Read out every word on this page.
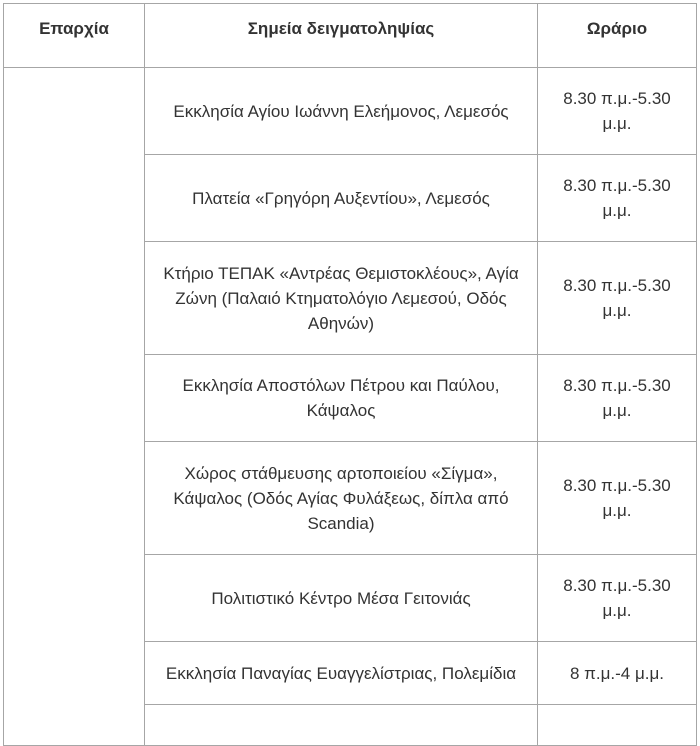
Επαρχία	Σημεία δειγματοληψίας	Ωράριο
	Εκκλησία Αγίου Ιωάννη Ελεήμονος, Λεμεσός	8.30 π.μ.-5.30 μ.μ.
	Πλατεία «Γρηγόρη Αυξεντίου», Λεμεσός	8.30 π.μ.-5.30 μ.μ.
	Κτήριο ΤΕΠΑΚ «Αντρέας Θεμιστοκλέους», Αγία Ζώνη (Παλαιό Κτηματολόγιο Λεμεσού, Οδός Αθηνών)	8.30 π.μ.-5.30 μ.μ.
	Εκκλησία Αποστόλων Πέτρου και Παύλου, Κάψαλος	8.30 π.μ.-5.30 μ.μ.
	Χώρος στάθμευσης αρτοποιείου «Σίγμα», Κάψαλος (Οδός Αγίας Φυλάξεως, δίπλα από Scandia)	8.30 π.μ.-5.30 μ.μ.
	Πολιτιστικό Κέντρο Μέσα Γειτονιάς	8.30 π.μ.-5.30 μ.μ.
	Εκκλησία Παναγίας Ευαγγελίστριας, Πολεμίδια	8 π.μ.-4 μ.μ.
